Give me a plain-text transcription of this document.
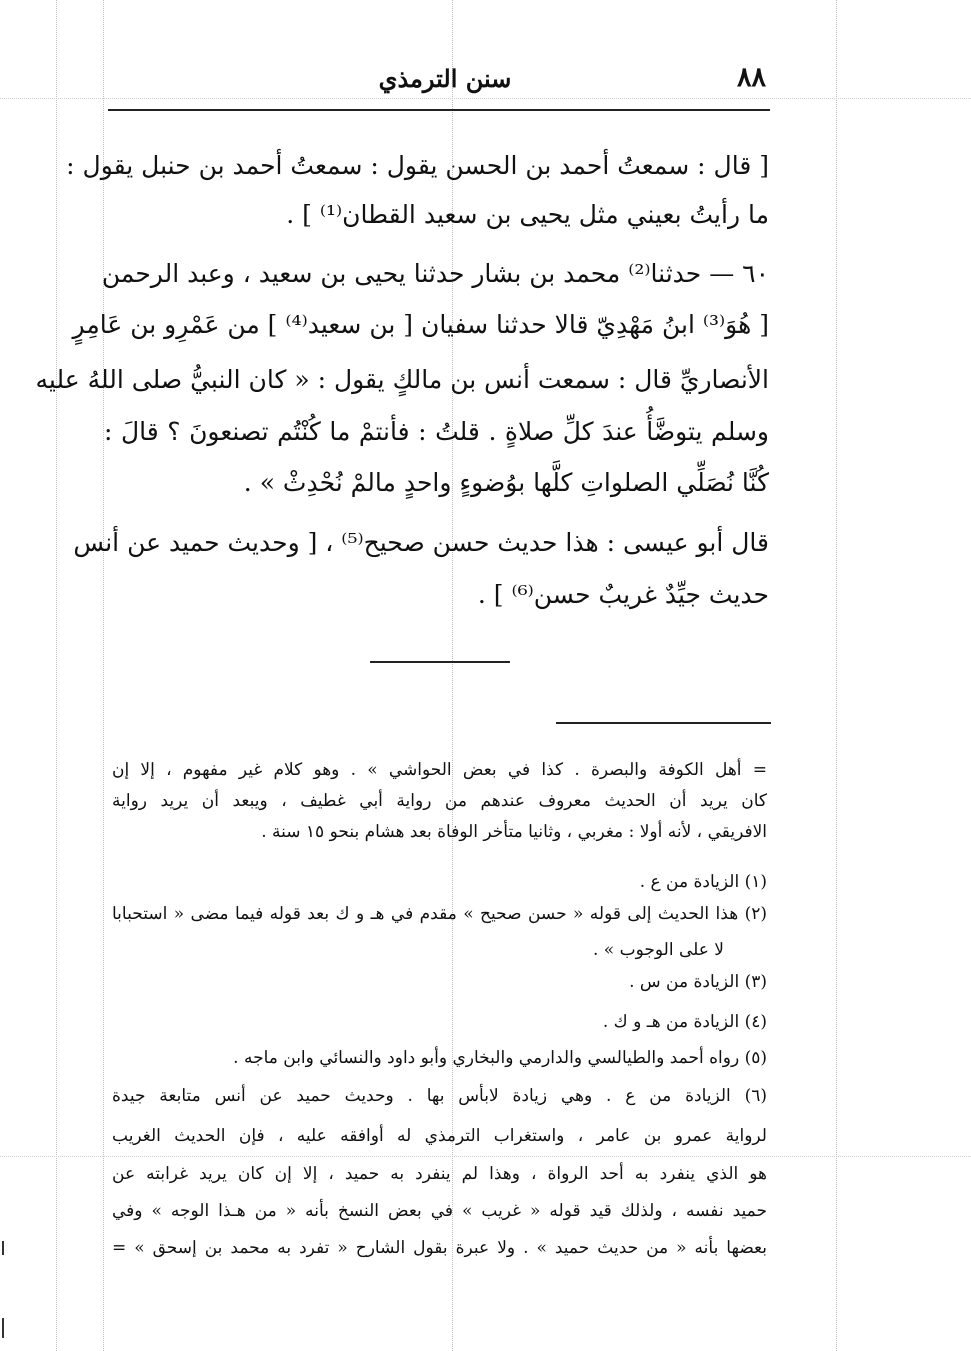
٨٨
سنن الترمذي
[ قال : سمعتُ أحمد بن الحسن يقول : سمعتُ أحمد بن حنبل يقول :
ما رأيتُ بعيني مثل يحيى بن سعيد القطان⁽¹⁾ ] .
٦٠ — حدثنا⁽²⁾ محمد بن بشار حدثنا يحيى بن سعيد ، وعبد الرحمن
[ هُوَ⁽³⁾ ابنُ مَهْدِيّ قالا حدثنا سفيان [ بن سعيد⁽⁴⁾ ] من عَمْرِو بن عَامِرٍ
الأنصاريِّ قال : سمعت أنس بن مالكٍ يقول : « كان النبيُّ صلى اللهُ عليه
وسلم يتوضَّأُ عندَ كلِّ صلاةٍ . قلتُ : فأنتمْ ما كُنْتُم تصنعونَ ؟ قالَ :
كُنَّا نُصَلِّي الصلواتِ كلَّها بوُضوءٍ واحدٍ مالمْ نُحْدِثْ » .
قال أبو عيسى : هذا حديث حسن صحيح⁽⁵⁾ ، [ وحديث حميد عن أنس
حديث جيِّدٌ غريبٌ حسن⁽⁶⁾ ] .
= أهل الكوفة والبصرة . كذا في بعض الحواشي » . وهو كلام غير مفهوم ، إلا إن
كان يريد أن الحديث معروف عندهم من رواية أبي غطيف ، ويبعد أن يريد رواية
الافريقي ، لأنه أولا : مغربي ، وثانيا متأخر الوفاة بعد هشام بنحو ١٥ سنة .
(١) الزيادة من ع .
(٢) هذا الحديث إلى قوله « حسن صحيح » مقدم في هـ و ك بعد قوله فيما مضى « استحبابا
لا على الوجوب » .
(٣) الزيادة من س .
(٤) الزيادة من هـ و ك .
(٥) رواه أحمد والطيالسي والدارمي والبخاري وأبو داود والنسائي وابن ماجه .
(٦) الزيادة من ع . وهي زيادة لابأس بها . وحديث حميد عن أنس متابعة جيدة
لرواية عمرو بن عامر ، واستغراب الترمذي له أوافقه عليه ، فإن الحديث الغريب
هو الذي ينفرد به أحد الرواة ، وهذا لم ينفرد به حميد ، إلا إن كان يريد غرابته عن
حميد نفسه ، ولذلك قيد قوله « غريب » في بعض النسخ بأنه « من هـذا الوجه » وفي
بعضها بأنه « من حديث حميد » . ولا عبرة بقول الشارح « تفرد به محمد بن إسحق » =
